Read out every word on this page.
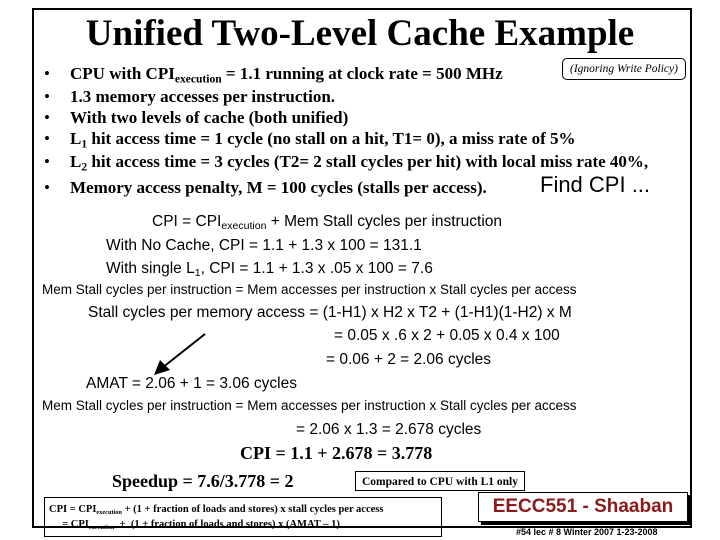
Unified Two-Level Cache Example
(Ignoring Write Policy)
• CPU with $CPI_{execution} = 1.1$ running at clock rate = 500 MHz
• 1.3 memory accesses per instruction.
• With two levels of cache (both unified)
• $L_1$ hit access time = 1 cycle (no stall on a hit, T1= 0), a miss rate of 5%
• $L_2$ hit access time = 3 cycles (T2= 2 stall cycles per hit) with local miss rate 40%,
• Memory access penalty, M = 100 cycles (stalls per access). Find CPI ...
CPI = $CPI_{execution}$ + Mem Stall cycles per instruction
With No Cache, CPI = 1.1 + 1.3 x 100 = 131.1
With single $L_1$, CPI = 1.1 + 1.3 x .05 x 100 = 7.6
Mem Stall cycles per instruction = Mem accesses per instruction x Stall cycles per access
Stall cycles per memory access = (1-H1) x H2 x T2 + (1-H1)(1-H2) x M
= 0.05 x .6 x 2 + 0.05 x 0.4 x 100
= 0.06 + 2 = 2.06 cycles
AMAT = 2.06 + 1 = 3.06 cycles
Mem Stall cycles per instruction = Mem accesses per instruction x Stall cycles per access
= 2.06 x 1.3 = 2.678 cycles
CPI = 1.1 + 2.678 = 3.778
Speedup = 7.6/3.778 = 2	Compared to CPU with L1 only
CPI = $CPI_{execution} + (1$ + fraction of loads and stores) x stall cycles per access
= $CPI_{execution} + (1$ + fraction of loads and stores) x (AMAT – 1)
EECC551 - Shaaban
#54 lec # 8 Winter 2007 1-23-2008
